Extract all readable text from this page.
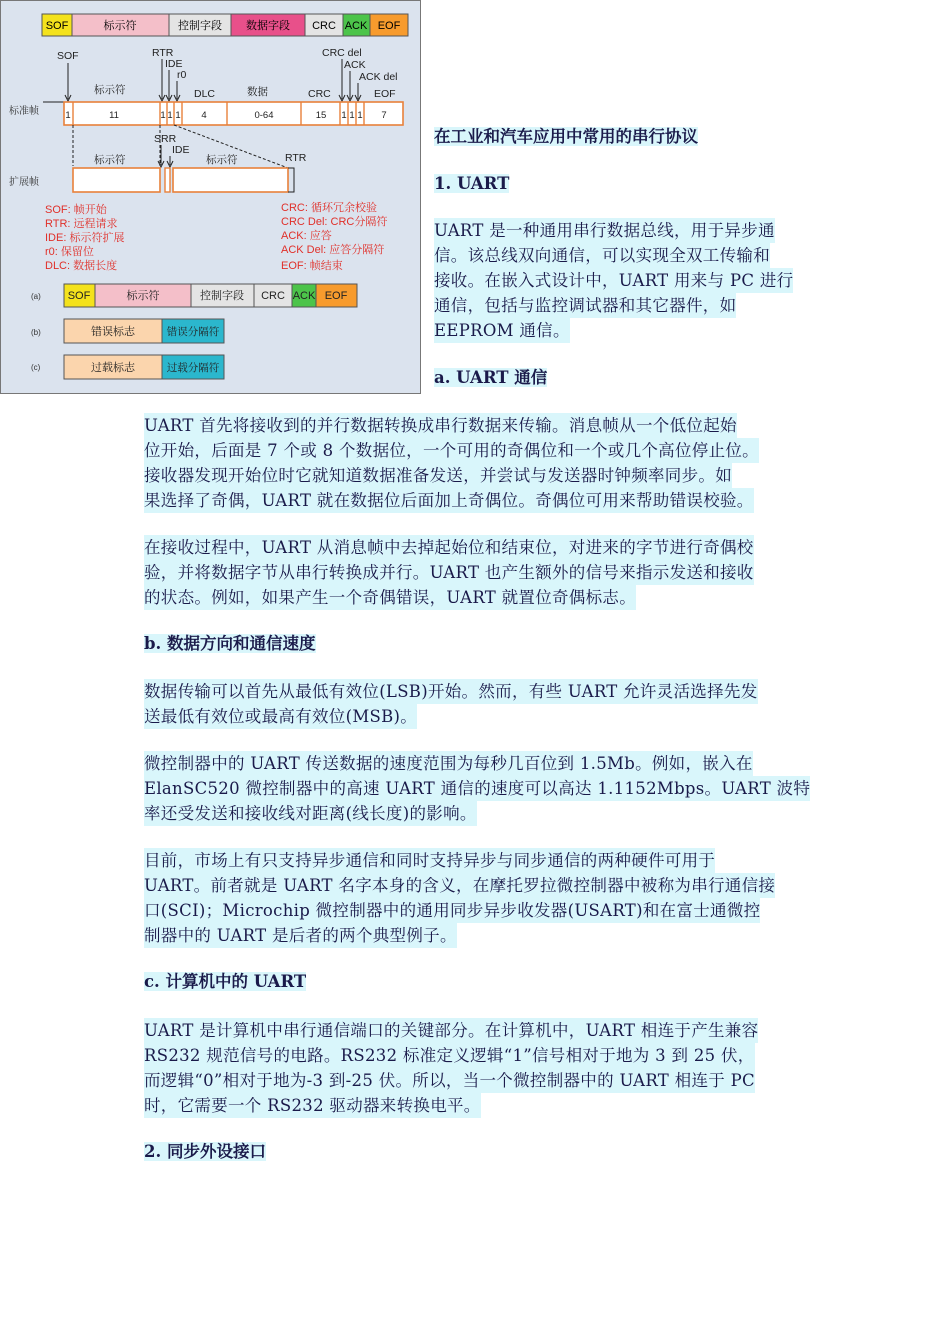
SOF	标示符	控制字段 数据字段 CRC ACK EOF
SOF	RTR
IDE
r0
标示符	DLC	数据	CRC
CRC del
ACK
ACK del
EOF
标准帧	1	11	1 1 1 4	0-64	15 1 1 1 7
标示符
SRR
IDE
标示符	RTR
扩展帧
SOF: 帧开始
RTR: 远程请求
IDE: 标示符扩展
r0: 保留位
DLC: 数据长度
CRC: 循环冗余校验
CRC Del: CRC分隔符
ACK: 应答
ACK Del: 应答分隔符
EOF: 帧结束
(a) SOF	标示符	控制字段 CRC ACK EOF
(b)	错误标志	错误分隔符
(c)	过载标志	过载分隔符
在工业和汽车应用中常用的串行协议
1. UART
UART 是一种通用串行数据总线，用于异步通
信。该总线双向通信，可以实现全双工传输和
接收。在嵌入式设计中，UART 用来与 PC 进行
通信，包括与监控调试器和其它器件，如
EEPROM 通信。
a. UART 通信
UART 首先将接收到的并行数据转换成串行数据来传输。消息帧从一个低位起始
位开始，后面是 7 个或 8 个数据位，一个可用的奇偶位和一个或几个高位停止位。
接收器发现开始位时它就知道数据准备发送，并尝试与发送器时钟频率同步。如
果选择了奇偶，UART 就在数据位后面加上奇偶位。奇偶位可用来帮助错误校验。
在接收过程中，UART 从消息帧中去掉起始位和结束位，对进来的字节进行奇偶校
验，并将数据字节从串行转换成并行。UART 也产生额外的信号来指示发送和接收
的状态。例如，如果产生一个奇偶错误，UART 就置位奇偶标志。
b. 数据方向和通信速度
数据传输可以首先从最低有效位(LSB)开始。然而，有些 UART 允许灵活选择先发
送最低有效位或最高有效位(MSB)。
微控制器中的 UART 传送数据的速度范围为每秒几百位到 1.5Mb。例如，嵌入在
ElanSC520 微控制器中的高速 UART 通信的速度可以高达 1.1152Mbps。UART 波特
率还受发送和接收线对距离(线长度)的影响。
目前，市场上有只支持异步通信和同时支持异步与同步通信的两种硬件可用于
UART。前者就是 UART 名字本身的含义，在摩托罗拉微控制器中被称为串行通信接
口(SCI)；Microchip 微控制器中的通用同步异步收发器(USART)和在富士通微控
制器中的 UART 是后者的两个典型例子。
c. 计算机中的 UART
UART 是计算机中串行通信端口的关键部分。在计算机中，UART 相连于产生兼容
RS232 规范信号的电路。RS232 标准定义逻辑“1”信号相对于地为 3 到 25 伏，
而逻辑“0”相对于地为-3 到-25 伏。所以，当一个微控制器中的 UART 相连于 PC
时，它需要一个 RS232 驱动器来转换电平。
2. 同步外设接口
